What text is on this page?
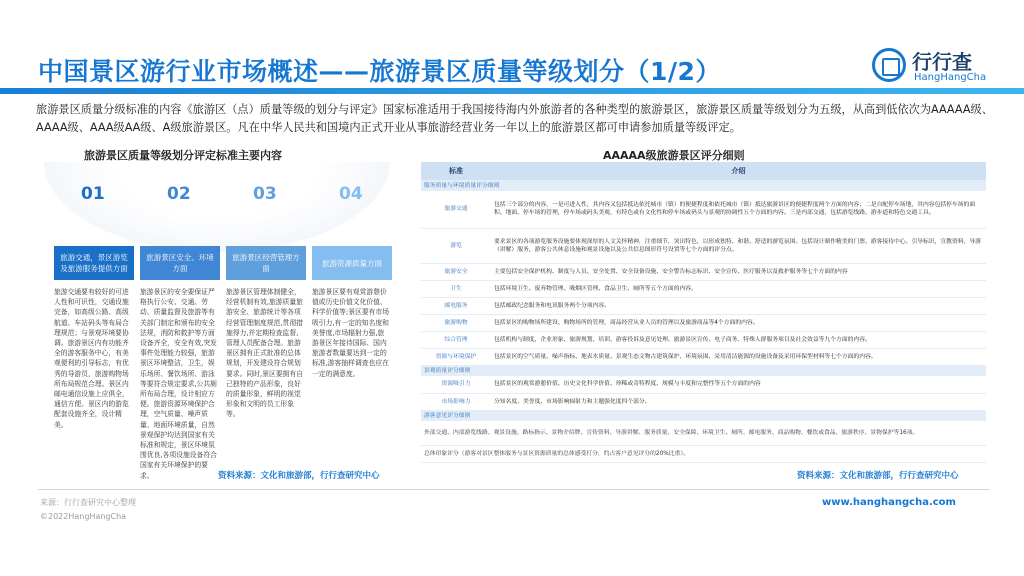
中国景区游行业市场概述——旅游景区质量等级划分（1/2）	行行查
HangHangCha
旅游景区质量分级标准的内容《旅游区（点）质量等级的划分与评定》国家标准适用于我国接待海内外旅游者的各种类型的旅游景区，旅游景区质量等级划分为五级，从高到低依次为AAAAA级、AAAA级、AAA级AA级、A级旅游景区。凡在中华人民共和国境内正式开业从事旅游经营业务一年以上的旅游景区都可申请参加质量等级评定。
旅游景区质量等级划分评定标准主要内容	AAAAA级旅游景区评分细则
01
旅游交通，景区游览及旅游服务提供方面
旅游交通要有较好的可进人性和可识性，交通设施完备，如高级公路、高级航道、车站码头等布局合理规范；与景观环境要协调。旅游景区内有功能齐全的游客服务中心，有美观便利的引导标志，有优秀的导游员，旅游购物场所布局规范合理。景区内邮电通信设施上应俱全，通信方便。景区内的游览配套设施齐全，设计精美。
02
旅游景区安全、环境方面
旅游景区的安全要保证严格执行公安、交通、劳动、质量监督及旅游等有关部门制定和颁布的安全法规，消防和救护等方面设备齐全，安全有效,突发事件处理能力较强，旅游景区环境整洁，卫生，娱乐场所、餐饮场所、游泳等要符合规定要求,公共厕所布局合理，设计相应方便。旅游资源环境保护合理，空气质量、噪声质量、地面环境质量，自然景观保护均达到国家有关标准和规定，景区环境氛围优良,各项设施设备符合国家有关环境保护的要求。
03
旅游景区经营管理方面
旅游景区管理体制健全，经营机制有效,旅游质量旅游安全、旅游统计等各项经营管理制度规范,贯彻措施得力,并定期检查监督,管理人员配备合理。旅游景区拥有正式批准的总体规划，开发建设符合规划要求。同时,景区要拥有自己独特的产品形象，良好的质量形象，鲜明的视觉形象和文明的员工形象等。
04
旅游资源质量方面
旅游景区要有观赏游憩价值或历史价值文化价值、科学价值等;景区要有市场吸引力,有一定的知名度和美誉度,市场辐射力强,旅游景区年接待国际、国内旅游者数量要达到一定的标准,游客抽样调查也应在一定的满意度。
资料来源：文化和旅游部，行行查研究中心
标准	介绍
服务质量与环境质量评分细则	
旅游交通	包括三个部分的内容，一是可进入性，其内容又包括抵达依托城市（镇）的便捷程度和依托城市（镇）抵达旅游景区的便捷程度两个方面的内容；二是自配停车场地，其内容包括停车场的面积、地面、停车场的管理，停车场或码头美观，有特色或有文化性和停车场或码头与景观的协调性五个方面的内容。三是内部交通，包括游览线路，游步道和特色交通工具。
游览	要求景区的各项游览服务设施要体现深厚的人文关怀精神，注重细节，突出特色，以形成独特、和谐、舒适的游览氛围。包括设计制作精美的门票、游客接待中心、引导标识，宣教资料，导游（讲解）服务，游客公共休息设施和观景设施以及公共信息图形符号设置等七个方面的评分点。
旅游安全	主要包括安全保护机构、制度与人员、安全处置、安全设备设施、安全警告标志标识、安全宣传、医疗服务以及救护服务等七个方面的内容
卫生	包括环境卫生、废弃物管理、吸烟区管理、食品卫生、厕所等五个方面的内容。
邮电服务	包括邮政纪念服务和电讯服务两个分项内容。
旅游购物	包括景区的购物场所建设、购物场所的管理，商品经营从业人员的管理以及旅游商品等4个方面的内容。
综合管理	包括机构与制度，企业形象、旅游规划、培训、游客投诉及意见处理、旅游景区宣传、电子商务、特殊人群服务项目及社会效益等九个方面的内容。
资源与环境保护	包括景区的空气质量、噪声指标、地表水质量、景观生态文物古建筑保护、环境氛围、采用清洁能源的设施设备及采用环保型材料等七个方面的内容。
景观质量评分细则	
资源吸引力	包括景区的观赏游憩价值、历史文化科学价值、珍稀或奇特程度、规模与丰度和完整性等五个方面的内容
市场影响力	分知名度、美誉度、市场影响辐射力和主题强化度四个部分。
游客意见评分细则	
外部交通、内部游览线路、观景设施、路标指示、景物介绍牌、宣传资料、导游讲解、服务质量、安全保障、环境卫生、厕所、邮电服务、商品购物、餐饮或食品、旅游秩序、景物保护等16项。	
总体印象评分（游客对景区整体服务与景区资源质量的总体感受打分，约占客户意见评分的20%比重）。	
资料来源：文化和旅游部，行行查研究中心
来源：行行查研究中心整理
©2022HangHangCha
www.hanghangcha.com
